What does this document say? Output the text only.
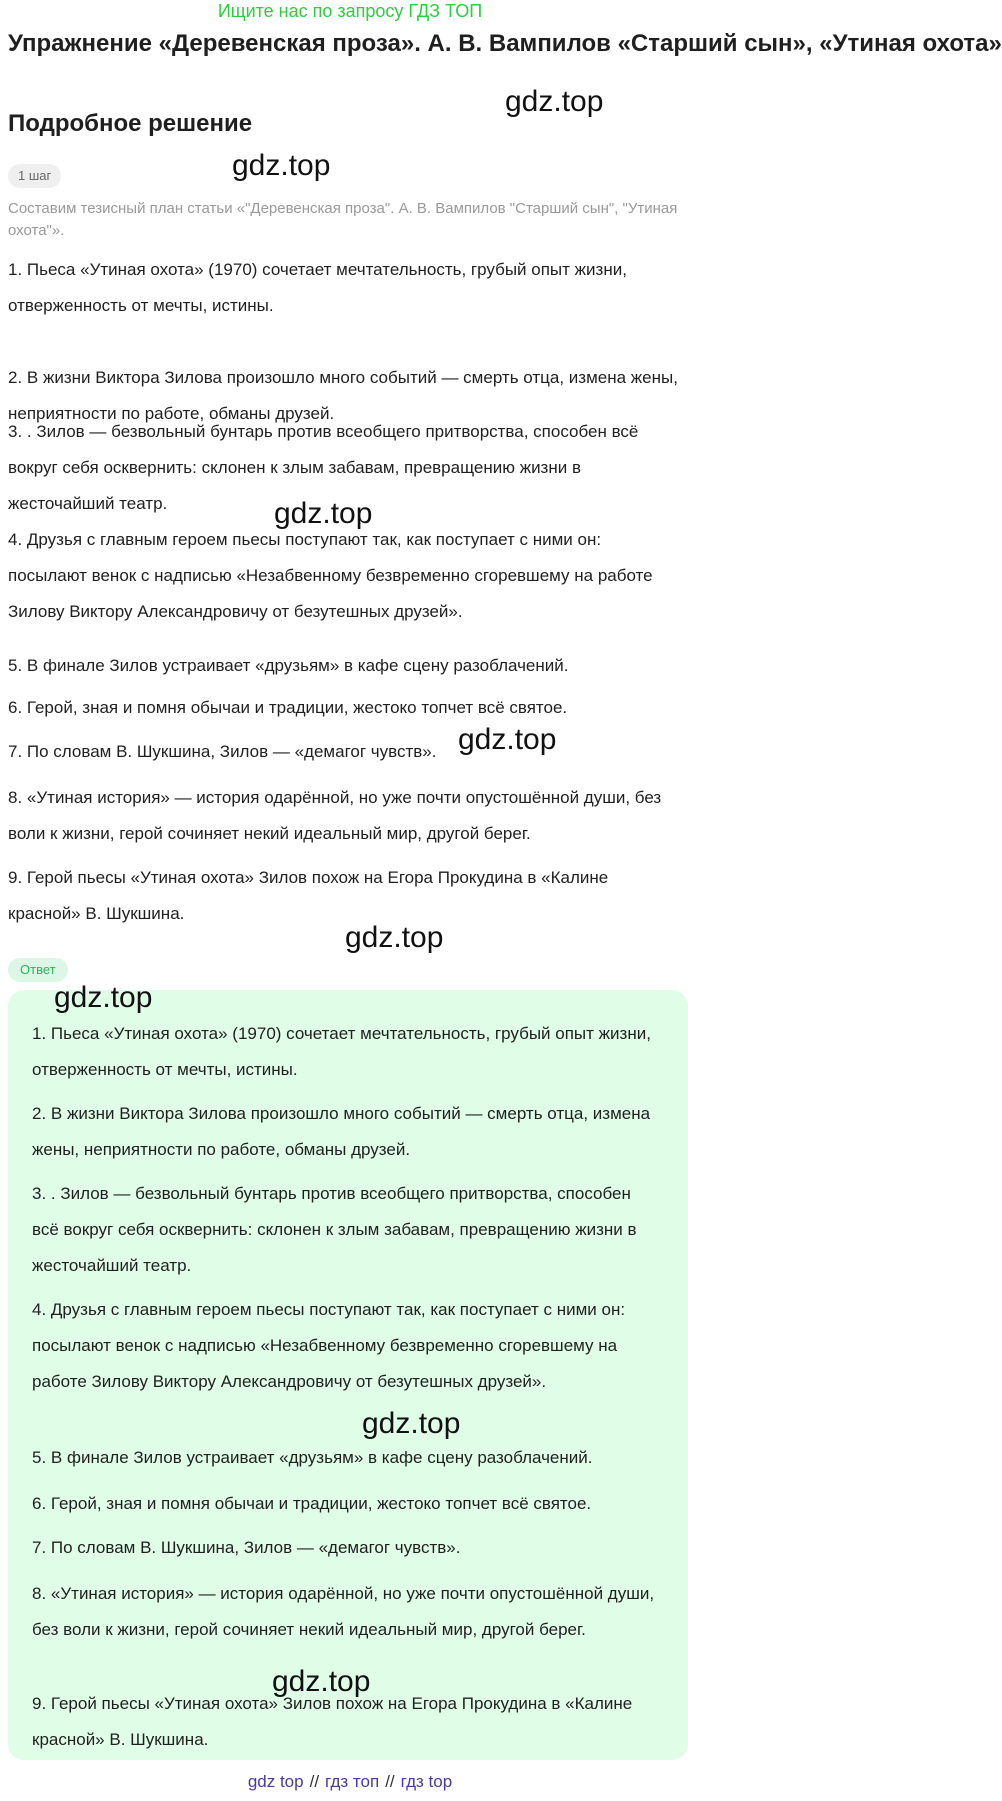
Ищите нас по запросу ГДЗ ТОП
Упражнение «Деревенская проза». А. В. Вампилов «Старший сын», «Утиная охота»
Подробное решение
1 шаг

Составим тезисный план статьи «"Деревенская проза". А. В. Вампилов "Старший сын", "Утиная охота"».

1. Пьеса «Утиная охота» (1970) сочетает мечтательность, грубый опыт жизни, отверженность от мечты, истины.

2. В жизни Виктора Зилова произошло много событий — смерть отца, измена жены, неприятности по работе, обманы друзей.

3. . Зилов — безвольный бунтарь против всеобщего притворства, способен всё вокруг себя осквернить: склонен к злым забавам, превращению жизни в жесточайший театр.

4. Друзья с главным героем пьесы поступают так, как поступает с ними он: посылают венок с надписью «Незабвенному безвременно сгоревшему на работе Зилову Виктору Александровичу от безутешных друзей».

5. В финале Зилов устраивает «друзьям» в кафе сцену разоблачений.

6. Герой, зная и помня обычаи и традиции, жестоко топчет всё святое.

7. По словам В. Шукшина, Зилов — «демагог чувств».

8. «Утиная история» — история одарённой, но уже почти опустошённой души, без воли к жизни, герой сочиняет некий идеальный мир, другой берег.

9. Герой пьесы «Утиная охота» Зилов похож на Егора Прокудина в «Калине красной» В. Шукшина.

Ответ

1. Пьеса «Утиная охота» (1970) сочетает мечтательность, грубый опыт жизни, отверженность от мечты, истины.

2. В жизни Виктора Зилова произошло много событий — смерть отца, измена жены, неприятности по работе, обманы друзей.

3. . Зилов — безвольный бунтарь против всеобщего притворства, способен всё вокруг себя осквернить: склонен к злым забавам, превращению жизни в жесточайший театр.

4. Друзья с главным героем пьесы поступают так, как поступает с ними он: посылают венок с надписью «Незабвенному безвременно сгоревшему на работе Зилову Виктору Александровичу от безутешных друзей».

5. В финале Зилов устраивает «друзьям» в кафе сцену разоблачений.

6. Герой, зная и помня обычаи и традиции, жестоко топчет всё святое.

7. По словам В. Шукшина, Зилов — «демагог чувств».

8. «Утиная история» — история одарённой, но уже почти опустошённой души, без воли к жизни, герой сочиняет некий идеальный мир, другой берег.

9. Герой пьесы «Утиная охота» Зилов похож на Егора Прокудина в «Калине красной» В. Шукшина.

gdz.top
gdz.top
gdz.top
gdz.top
gdz.top
gdz.top
gdz.top
gdz.top
gdz top // гдз топ // гдз top
